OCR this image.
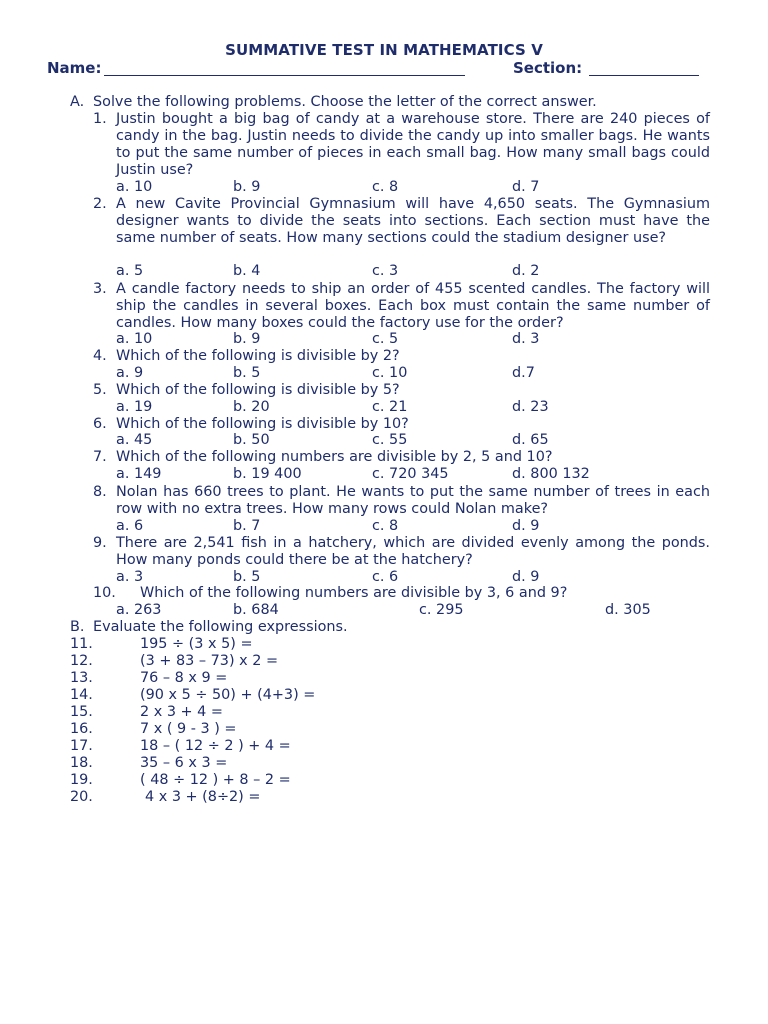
SUMMATIVE TEST IN MATHEMATICS V
Name:	Section:
A. Solve the following problems. Choose the letter of the correct answer.
1. Justin bought a big bag of candy at a warehouse store. There are 240 pieces of candy in the bag. Justin needs to divide the candy up into smaller bags. He wants to put the same number of pieces in each small bag. How many small bags could Justin use?
a. 10	b. 9	c. 8	d. 7
2. A new Cavite Provincial Gymnasium will have 4,650 seats. The Gymnasium designer wants to divide the seats into sections. Each section must have the same number of seats. How many sections could the stadium designer use?
a. 5	b. 4	c. 3	d. 2
3. A candle factory needs to ship an order of 455 scented candles. The factory will ship the candles in several boxes. Each box must contain the same number of candles. How many boxes could the factory use for the order?
a. 10	b. 9	c. 5	d. 3
4. Which of the following is divisible by 2?
a. 9	b. 5	c. 10	d.7
5. Which of the following is divisible by 5?
a. 19	b. 20	c. 21	d. 23
6. Which of the following is divisible by 10?
a. 45	b. 50	c. 55	d. 65
7. Which of the following numbers are divisible by 2, 5 and 10?
a. 149	b. 19 400	c. 720 345	d. 800 132
8. Nolan has 660 trees to plant. He wants to put the same number of trees in each row with no extra trees. How many rows could Nolan make?
a. 6	b. 7	c. 8	d. 9
9. There are 2,541 fish in a hatchery, which are divided evenly among the ponds. How many ponds could there be at the hatchery?
a. 3	b. 5	c. 6	d. 9
10. Which of the following numbers are divisible by 3, 6 and 9?
a. 263	b. 684	c. 295	d. 305
B. Evaluate the following expressions.
11.	195 ÷ (3 x 5) =
12.	(3 + 83 – 73) x 2 =
13.	76 – 8 x 9 =
14.	(90 x 5 ÷ 50) + (4+3) =
15.	2 x 3 + 4 =
16.	7 x ( 9 - 3 ) =
17.	18 – ( 12 ÷ 2 ) + 4 =
18.	35 – 6 x 3 =
19.	( 48 ÷ 12 ) + 8 – 2 =
20.	4 x 3 + (8÷2) =
